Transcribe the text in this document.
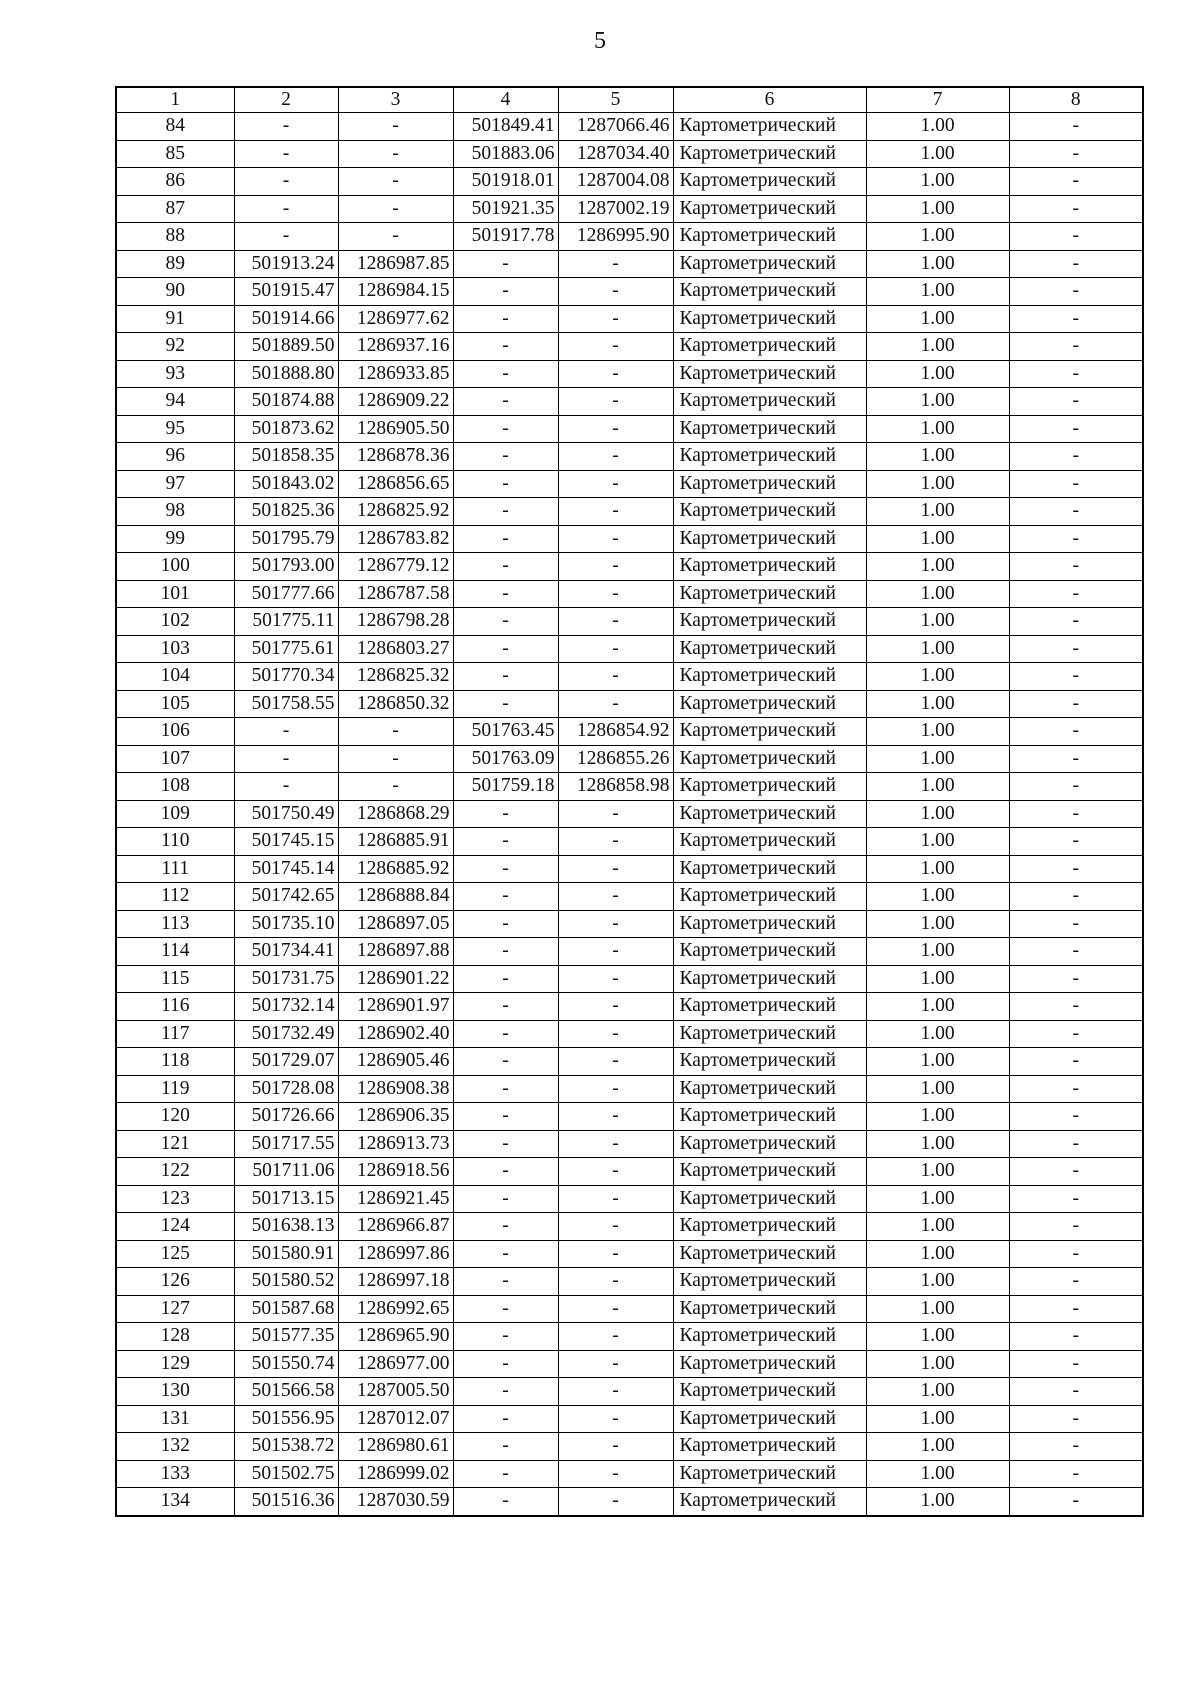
5
1	2	3	4	5	6	7	8
84	-	-	501849.41	1287066.46	Картометрический	1.00	-
85	-	-	501883.06	1287034.40	Картометрический	1.00	-
86	-	-	501918.01	1287004.08	Картометрический	1.00	-
87	-	-	501921.35	1287002.19	Картометрический	1.00	-
88	-	-	501917.78	1286995.90	Картометрический	1.00	-
89	501913.24	1286987.85	-	-	Картометрический	1.00	-
90	501915.47	1286984.15	-	-	Картометрический	1.00	-
91	501914.66	1286977.62	-	-	Картометрический	1.00	-
92	501889.50	1286937.16	-	-	Картометрический	1.00	-
93	501888.80	1286933.85	-	-	Картометрический	1.00	-
94	501874.88	1286909.22	-	-	Картометрический	1.00	-
95	501873.62	1286905.50	-	-	Картометрический	1.00	-
96	501858.35	1286878.36	-	-	Картометрический	1.00	-
97	501843.02	1286856.65	-	-	Картометрический	1.00	-
98	501825.36	1286825.92	-	-	Картометрический	1.00	-
99	501795.79	1286783.82	-	-	Картометрический	1.00	-
100	501793.00	1286779.12	-	-	Картометрический	1.00	-
101	501777.66	1286787.58	-	-	Картометрический	1.00	-
102	501775.11	1286798.28	-	-	Картометрический	1.00	-
103	501775.61	1286803.27	-	-	Картометрический	1.00	-
104	501770.34	1286825.32	-	-	Картометрический	1.00	-
105	501758.55	1286850.32	-	-	Картометрический	1.00	-
106	-	-	501763.45	1286854.92	Картометрический	1.00	-
107	-	-	501763.09	1286855.26	Картометрический	1.00	-
108	-	-	501759.18	1286858.98	Картометрический	1.00	-
109	501750.49	1286868.29	-	-	Картометрический	1.00	-
110	501745.15	1286885.91	-	-	Картометрический	1.00	-
111	501745.14	1286885.92	-	-	Картометрический	1.00	-
112	501742.65	1286888.84	-	-	Картометрический	1.00	-
113	501735.10	1286897.05	-	-	Картометрический	1.00	-
114	501734.41	1286897.88	-	-	Картометрический	1.00	-
115	501731.75	1286901.22	-	-	Картометрический	1.00	-
116	501732.14	1286901.97	-	-	Картометрический	1.00	-
117	501732.49	1286902.40	-	-	Картометрический	1.00	-
118	501729.07	1286905.46	-	-	Картометрический	1.00	-
119	501728.08	1286908.38	-	-	Картометрический	1.00	-
120	501726.66	1286906.35	-	-	Картометрический	1.00	-
121	501717.55	1286913.73	-	-	Картометрический	1.00	-
122	501711.06	1286918.56	-	-	Картометрический	1.00	-
123	501713.15	1286921.45	-	-	Картометрический	1.00	-
124	501638.13	1286966.87	-	-	Картометрический	1.00	-
125	501580.91	1286997.86	-	-	Картометрический	1.00	-
126	501580.52	1286997.18	-	-	Картометрический	1.00	-
127	501587.68	1286992.65	-	-	Картометрический	1.00	-
128	501577.35	1286965.90	-	-	Картометрический	1.00	-
129	501550.74	1286977.00	-	-	Картометрический	1.00	-
130	501566.58	1287005.50	-	-	Картометрический	1.00	-
131	501556.95	1287012.07	-	-	Картометрический	1.00	-
132	501538.72	1286980.61	-	-	Картометрический	1.00	-
133	501502.75	1286999.02	-	-	Картометрический	1.00	-
134	501516.36	1287030.59	-	-	Картометрический	1.00	-
